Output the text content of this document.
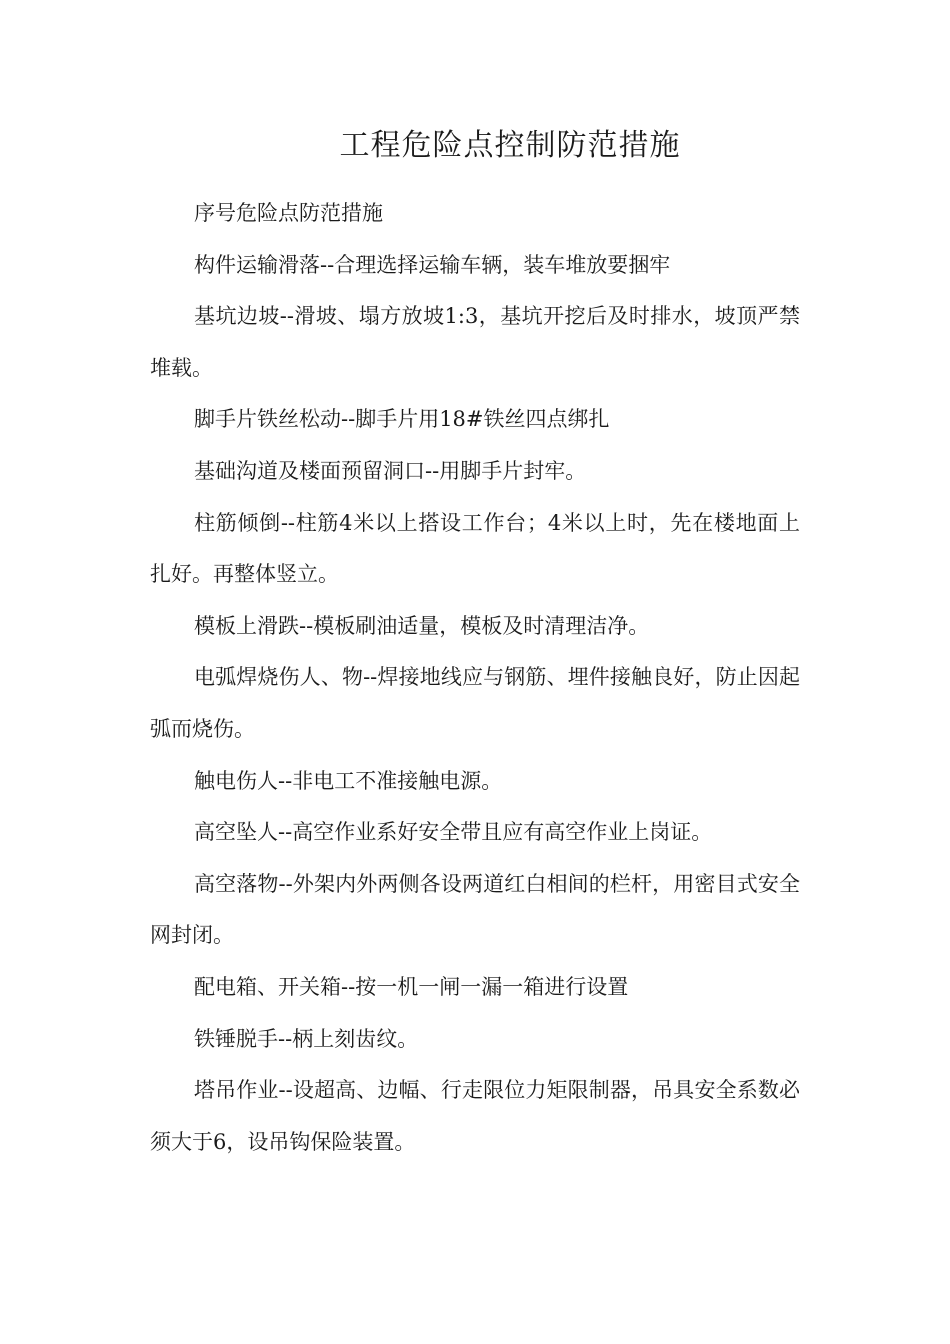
工程危险点控制防范措施

序号危险点防范措施

构件运输滑落--合理选择运输车辆，装车堆放要捆牢

基坑边坡--滑坡、塌方放坡1:3，基坑开挖后及时排水，坡顶严禁堆载。

脚手片铁丝松动--脚手片用18#铁丝四点绑扎

基础沟道及楼面预留洞口--用脚手片封牢。

柱筋倾倒--柱筋4米以上搭设工作台；4米以上时，先在楼地面上扎好。再整体竖立。

模板上滑跌--模板刷油适量，模板及时清理洁净。

电弧焊烧伤人、物--焊接地线应与钢筋、埋件接触良好，防止因起弧而烧伤。

触电伤人--非电工不准接触电源。

高空坠人--高空作业系好安全带且应有高空作业上岗证。

高空落物--外架内外两侧各设两道红白相间的栏杆，用密目式安全网封闭。

配电箱、开关箱--按一机一闸一漏一箱进行设置

铁锤脱手--柄上刻齿纹。

塔吊作业--设超高、边幅、行走限位力矩限制器，吊具安全系数必须大于6，设吊钩保险装置。
